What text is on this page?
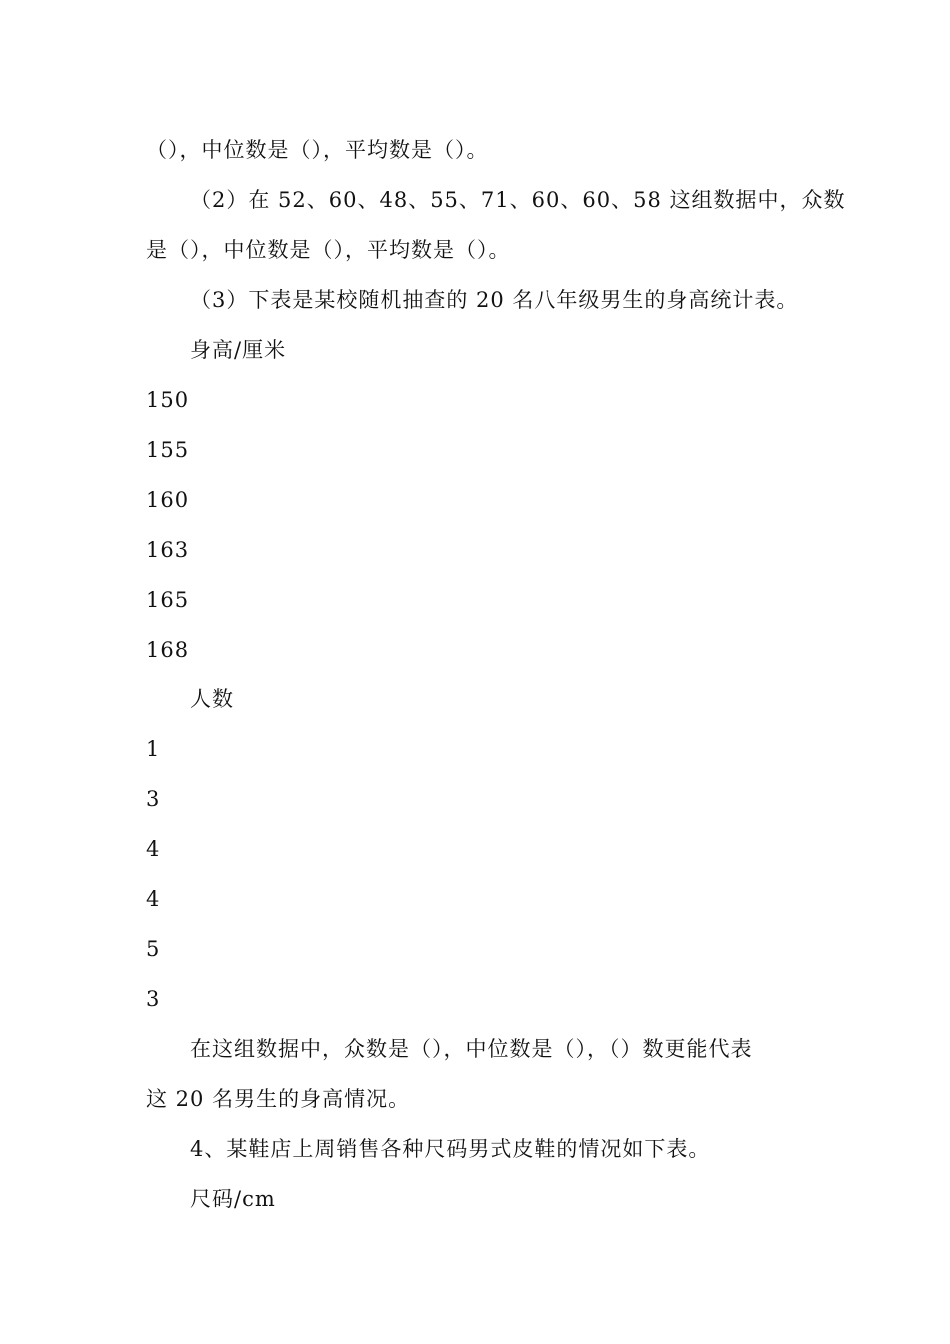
（），中位数是（），平均数是（）。
（2）在 52、60、48、55、71、60、60、58 这组数据中，众数
是（），中位数是（），平均数是（）。
（3）下表是某校随机抽查的 20 名八年级男生的身高统计表。
身高/厘米
150
155
160
163
165
168
人数
1
3
4
4
5
3
在这组数据中，众数是（），中位数是（），（）数更能代表
这 20 名男生的身高情况。
4、某鞋店上周销售各种尺码男式皮鞋的情况如下表。
尺码/cm
